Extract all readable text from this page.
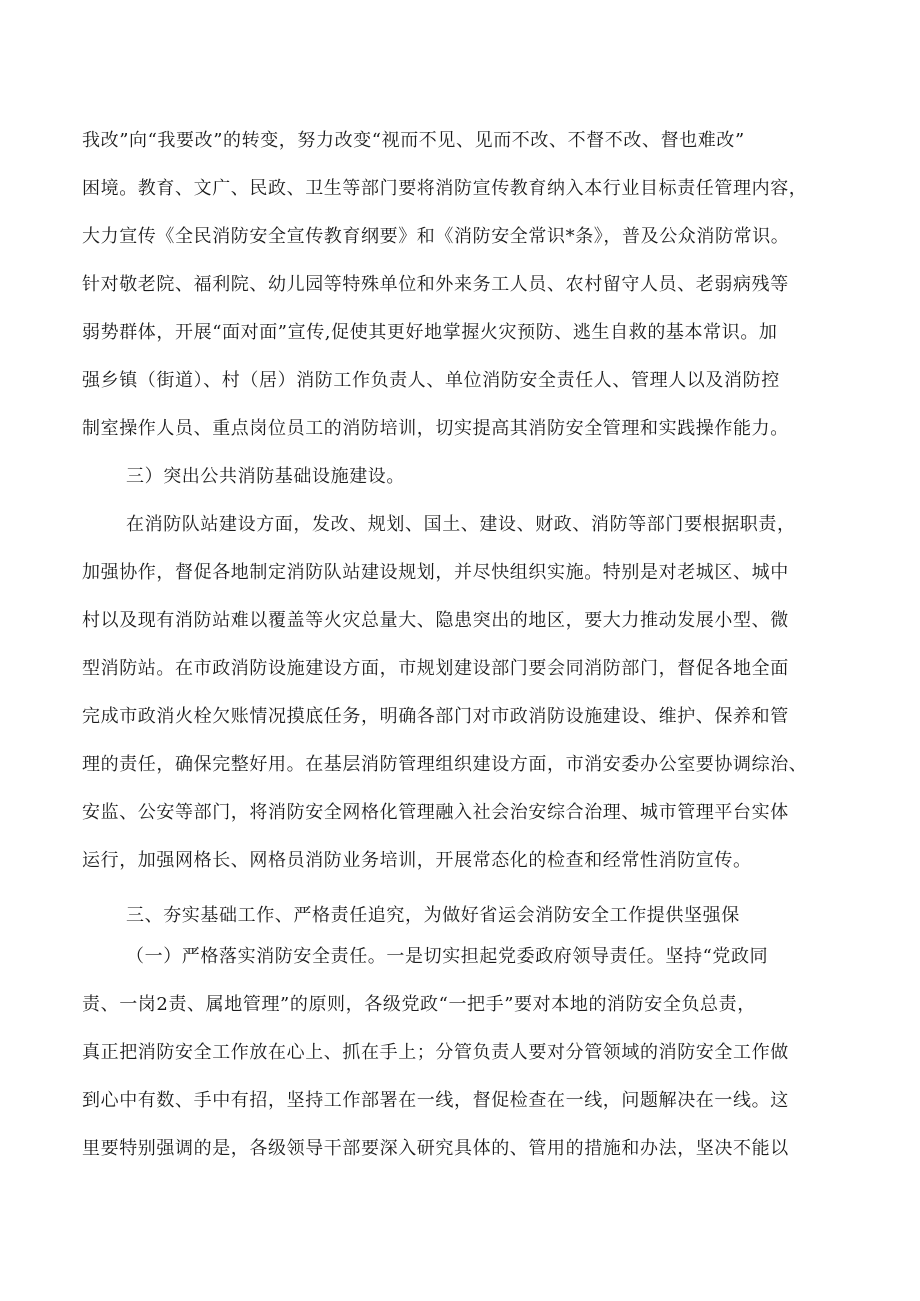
我改”向“我要改”的转变，努力改变“视而不见、见而不改、不督不改、督也难改”
困境。教育、文广、民政、卫生等部门要将消防宣传教育纳入本行业目标责任管理内容，
大力宣传《全民消防安全宣传教育纲要》和《消防安全常识*条》，普及公众消防常识。
针对敬老院、福利院、幼儿园等特殊单位和外来务工人员、农村留守人员、老弱病残等
弱势群体，开展“面对面”宣传,促使其更好地掌握火灾预防、逃生自救的基本常识。加
强乡镇（街道）、村（居）消防工作负责人、单位消防安全责任人、管理人以及消防控
制室操作人员、重点岗位员工的消防培训，切实提高其消防安全管理和实践操作能力。
三）突出公共消防基础设施建设。
在消防队站建设方面，发改、规划、国土、建设、财政、消防等部门要根据职责，
加强协作，督促各地制定消防队站建设规划，并尽快组织实施。特别是对老城区、城中
村以及现有消防站难以覆盖等火灾总量大、隐患突出的地区，要大力推动发展小型、微
型消防站。在市政消防设施建设方面，市规划建设部门要会同消防部门，督促各地全面
完成市政消火栓欠账情况摸底任务，明确各部门对市政消防设施建设、维护、保养和管
理的责任，确保完整好用。在基层消防管理组织建设方面，市消安委办公室要协调综治、
安监、公安等部门，将消防安全网格化管理融入社会治安综合治理、城市管理平台实体
运行，加强网格长、网格员消防业务培训，开展常态化的检查和经常性消防宣传。
三、夯实基础工作、严格责任追究，为做好省运会消防安全工作提供坚强保
（一）严格落实消防安全责任。一是切实担起党委政府领导责任。坚持“党政同
责、一岗2责、属地管理”的原则，各级党政“一把手”要对本地的消防安全负总责，
真正把消防安全工作放在心上、抓在手上；分管负责人要对分管领域的消防安全工作做
到心中有数、手中有招，坚持工作部署在一线，督促检查在一线，问题解决在一线。这
里要特别强调的是，各级领导干部要深入研究具体的、管用的措施和办法，坚决不能以
